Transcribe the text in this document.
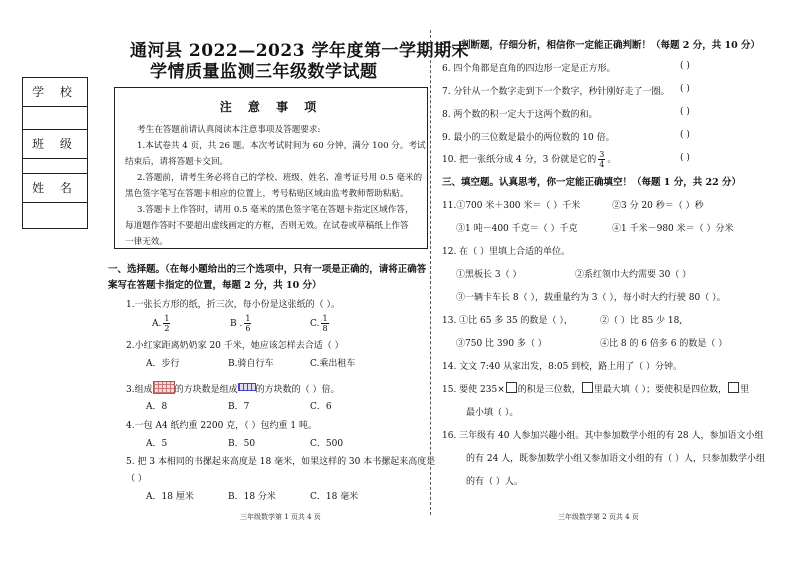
学 校
班 级
姓 名
通河县 2022—2023 学年度第一学期期末
学情质量监测三年级数学试题
注 意 事 项
考生在答题前请认真阅读本注意事项及答题要求:
1.本试卷共 4 页，共 26 题。本次考试时间为 60 分钟，满分 100 分。考试
结束后，请将答题卡交回。
2.答题前，请考生务必将自己的学校、班级、姓名、准考证号用 0.5 毫米的
黑色签字笔写在答题卡相应的位置上，考号粘贴区域由监考教师帮助粘贴。
3.答题卡上作答时，请用 0.5 毫米的黑色签字笔在答题卡指定区域作答，
每道题作答时不要超出虚线画定的方框，否则无效。在试卷或草稿纸上作答
一律无效。
一、选择题。（在每小题给出的三个选项中，只有一项是正确的，请将正确答
案写在答题卡指定的位置，每题 2 分，共 10 分）
1.一张长方形的纸，折三次，每小份是这张纸的（ ）。
A. $\frac{1}{2}$	B . $\frac{1}{6}$	C. $\frac{1}{8}$
2.小红家距离奶奶家 20 千米，她应该怎样去合适（ ）
A．步行	B.骑自行车	C.乘出租车
3.组成 的方块数是组成 的方块数的（ ）倍。
A．8	B．7	C．6
4.一包 A4 纸约重 2200 克，（ ）包约重 1 吨。
A．5	B．50	C．500
5. 把 3 本相同的书摞起来高度是 18 毫米，如果这样的 30 本书摞起来高度是
（ ）
A．18 厘米	B．18 分米	C．18 毫米
三年级数学第 1 页共 4 页
二、判断题，仔细分析，相信你一定能正确判断！（每题 2 分，共 10 分）
6. 四个角都是直角的四边形一定是正方形。	( )
7. 分针从一个数字走到下一个数字，秒针刚好走了一圈。 ( )
8. 两个数的积一定大于这两个数的和。	( )
9. 最小的三位数是最小的两位数的 10 倍。	( )
10. 把一张纸分成 4 分，3 份就是它的 $\frac{3}{4}$ 。	( )
三、填空题。认真思考，你一定能正确填空！（每题 1 分，共 22 分）
11.①700 米＋300 米＝（ ）千米	②3 分 20 秒＝（ ）秒
③1 吨－400 千克＝（ ）千克	④1 千米－980 米＝（ ）分米
12. 在（ ）里填上合适的单位。
①黑板长 3（ ）	②系红领巾大约需要 30（ ）
③一辆卡车长 8（ ），载重量约为 3（ ），每小时大约行驶 80（ ）。
13. ①比 65 多 35 的数是（ ），	②（ ）比 85 少 18,
③750 比 390 多（ ）	④比 8 的 6 倍多 6 的数是（ ）
14. 文文 7:40 从家出发，8:05 到校，路上用了（ ）分钟。
15. 要使 235× 的积是三位数， 里最大填（ ）；要使积是四位数， 里
最小填（ ）。
16. 三年级有 40 人参加兴趣小组。其中参加数学小组的有 28 人，参加语文小组
的有 24 人，既参加数学小组又参加语文小组的有（ ）人，只参加数学小组
的有（ ）人。
三年级数学第 2 页共 4 页
